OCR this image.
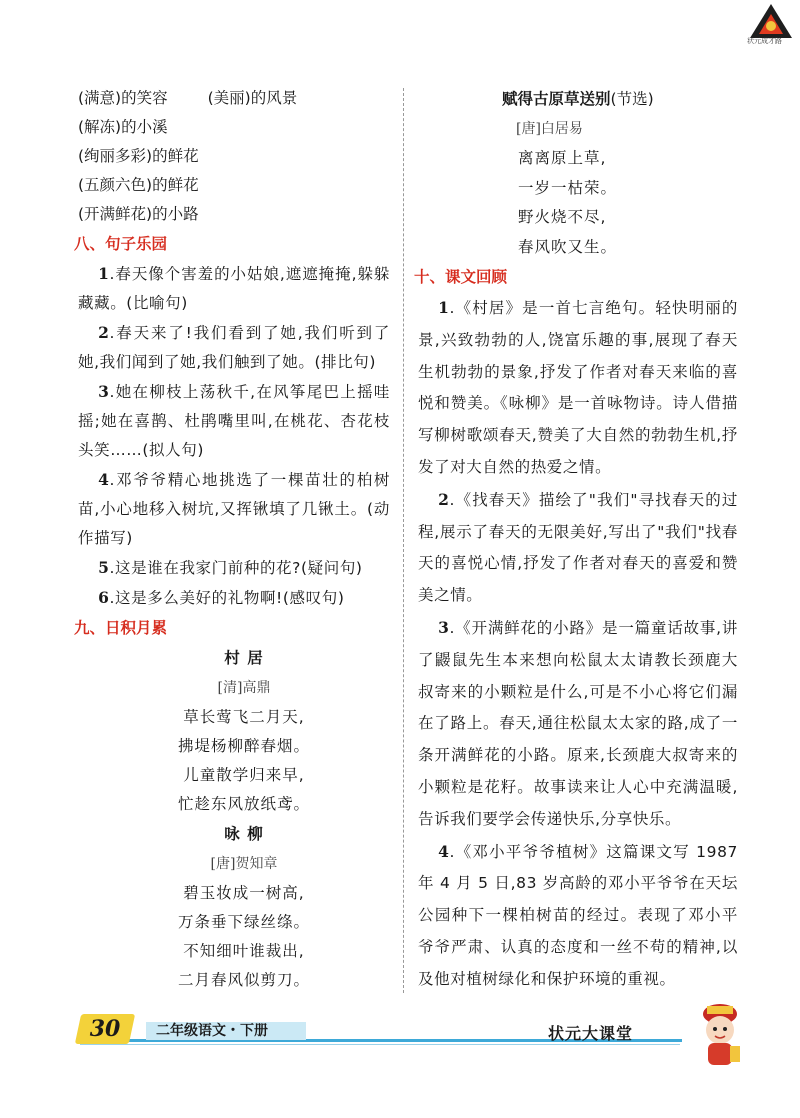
状元成才路
(满意)的笑容	(美丽)的风景
(解冻)的小溪
(绚丽多彩)的鲜花
(五颜六色)的鲜花
(开满鲜花)的小路
八、句子乐园
1.春天像个害羞的小姑娘,遮遮掩掩,躲躲藏藏。(比喻句)
2.春天来了!我们看到了她,我们听到了她,我们闻到了她,我们触到了她。(排比句)
3.她在柳枝上荡秋千,在风筝尾巴上摇哇摇;她在喜鹊、杜鹃嘴里叫,在桃花、杏花枝头笑……(拟人句)
4.邓爷爷精心地挑选了一棵苗壮的柏树苗,小心地移入树坑,又挥锹填了几锹土。(动作描写)
5.这是谁在我家门前种的花?(疑问句)
6.这是多么美好的礼物啊!(感叹句)
九、日积月累
村 居
[清]高鼎
草长莺飞二月天,
拂堤杨柳醉春烟。
儿童散学归来早,
忙趁东风放纸鸢。
咏 柳
[唐]贺知章
碧玉妆成一树高,
万条垂下绿丝绦。
不知细叶谁裁出,
二月春风似剪刀。
赋得古原草送别(节选)
[唐]白居易
离离原上草,
一岁一枯荣。
野火烧不尽,
春风吹又生。
十、课文回顾
1.《村居》是一首七言绝句。轻快明丽的景,兴致勃勃的人,饶富乐趣的事,展现了春天生机勃勃的景象,抒发了作者对春天来临的喜悦和赞美。《咏柳》是一首咏物诗。诗人借描写柳树歌颂春天,赞美了大自然的勃勃生机,抒发了对大自然的热爱之情。
2.《找春天》描绘了"我们"寻找春天的过程,展示了春天的无限美好,写出了"我们"找春天的喜悦心情,抒发了作者对春天的喜爱和赞美之情。
3.《开满鲜花的小路》是一篇童话故事,讲了鼹鼠先生本来想向松鼠太太请教长颈鹿大叔寄来的小颗粒是什么,可是不小心将它们漏在了路上。春天,通往松鼠太太家的路,成了一条开满鲜花的小路。原来,长颈鹿大叔寄来的小颗粒是花籽。故事读来让人心中充满温暖,告诉我们要学会传递快乐,分享快乐。
4.《邓小平爷爷植树》这篇课文写 1987 年 4 月 5 日,83 岁高龄的邓小平爷爷在天坛公园种下一棵柏树苗的经过。表现了邓小平爷爷严肃、认真的态度和一丝不苟的精神,以及他对植树绿化和保护环境的重视。
30	二年级语文・下册	状元大课堂
